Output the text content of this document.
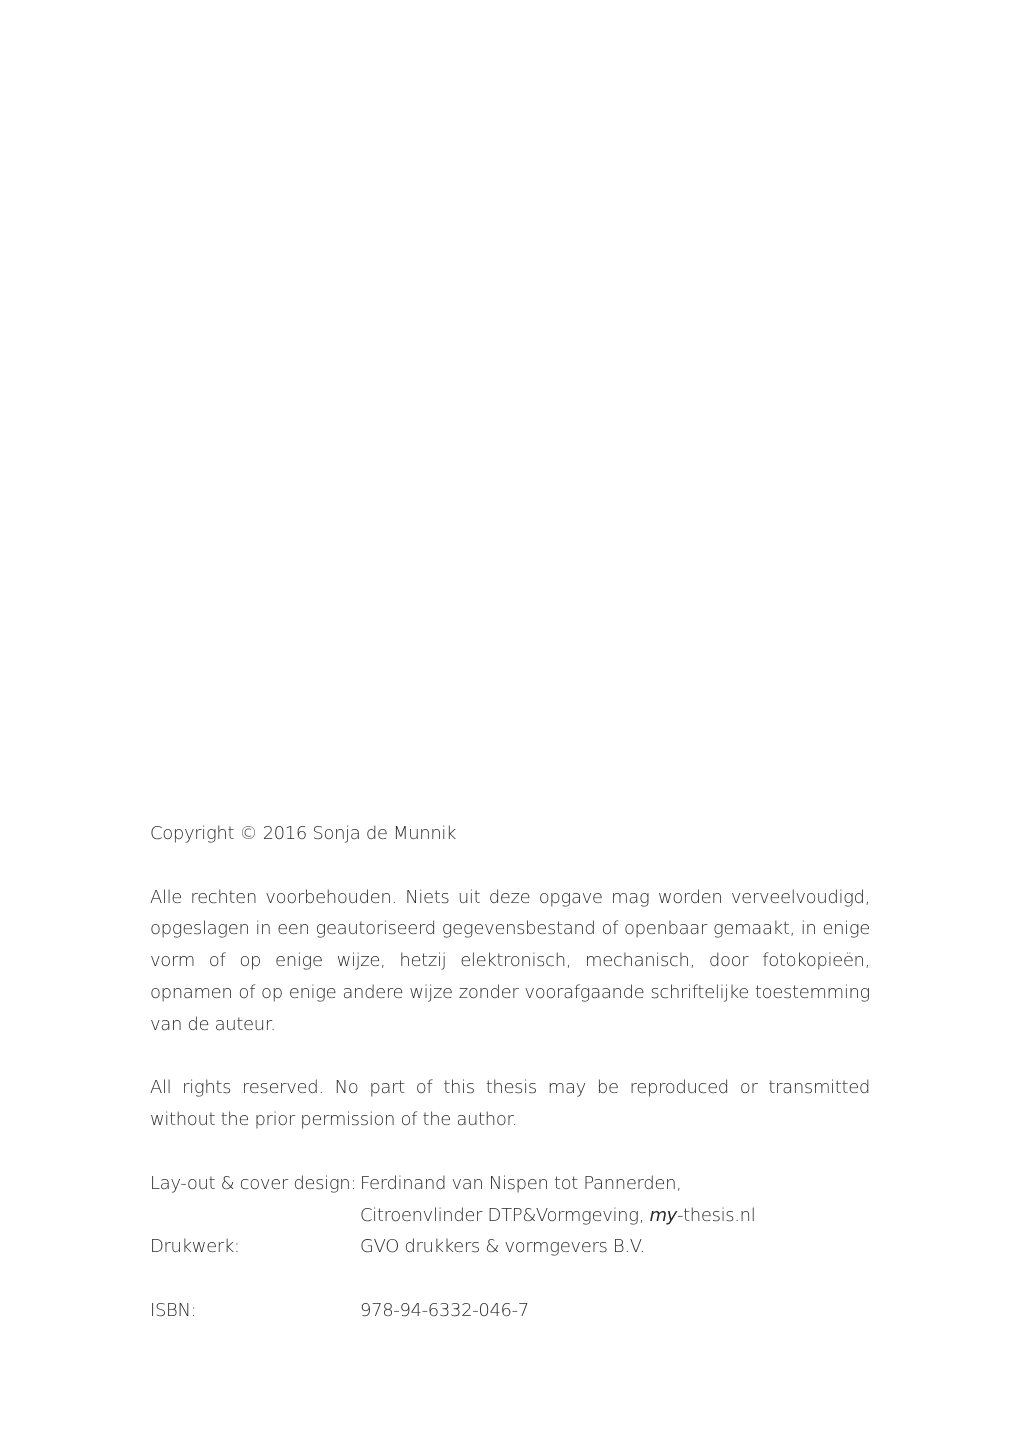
Copyright © 2016 Sonja de Munnik

Alle rechten voorbehouden. Niets uit deze opgave mag worden verveelvoudigd, opgeslagen in een geautoriseerd gegevensbestand of openbaar gemaakt, in enige vorm of op enige wijze, hetzij elektronisch, mechanisch, door fotokopieën, opnamen of op enige andere wijze zonder voorafgaande schriftelijke toestemming van de auteur.

All rights reserved. No part of this thesis may be reproduced or transmitted without the prior permission of the author.

Lay-out & cover design:	Ferdinand van Nispen tot Pannerden,
	Citroenvlinder DTP&Vormgeving, my-thesis.nl
Drukwerk:	GVO drukkers & vormgevers B.V.

ISBN:	978-94-6332-046-7
